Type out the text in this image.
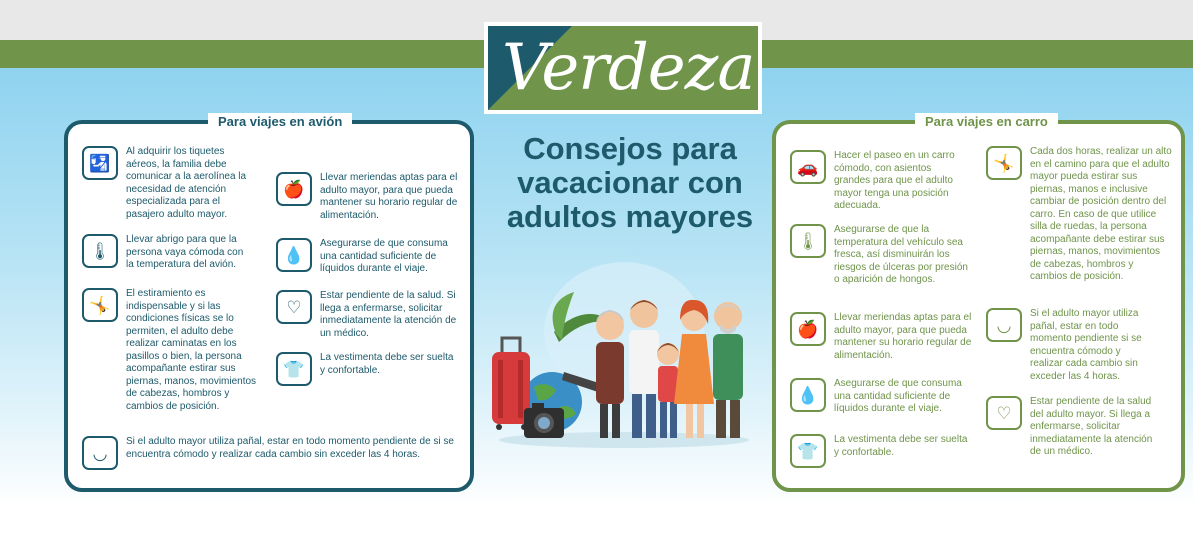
Verdeza
Consejos para vacacionar con adultos mayores
Para viajes en avión
🛂
Al adquirir los tiquetes aéreos, la familia debe comunicar a la aerolínea la necesidad de atención especializada para el pasajero adulto mayor.
🍎
Llevar meriendas aptas para el adulto mayor, para que pueda mantener su horario regular de alimentación.
🌡
Llevar abrigo para que la persona vaya cómoda con la temperatura del avión.	💧
Asegurarse de que consuma una cantidad suficiente de líquidos durante el viaje.
🤸
El estiramiento es indispensable y si las condiciones físicas se lo permiten, el adulto debe realizar caminatas en los pasillos o bien, la persona acompañante estirar sus piernas, manos, movimientos de cabezas, hombros y cambios de posición.
♡
Estar pendiente de la salud. Si llega a enfermarse, solicitar inmediatamente la atención de un médico.
👕
La vestimenta debe ser suelta y confortable.
◡
Si el adulto mayor utiliza pañal, estar en todo momento pendiente de si se encuentra cómodo y realizar cada cambio sin exceder las 4 horas.
Para viajes en carro
🚗
Hacer el paseo en un carro cómodo, con asientos grandes para que el adulto mayor tenga una posición adecuada.
🤸
Cada dos horas, realizar un alto en el camino para que el adulto mayor pueda estirar sus piernas, manos e inclusive cambiar de posición dentro del carro. En caso de que utilice silla de ruedas, la persona acompañante debe estirar sus piernas, manos, movimientos de cabezas, hombros y cambios de posición.
🌡
Asegurarse de que la temperatura del vehículo sea fresca, así disminuirán los riesgos de úlceras por presión o aparición de hongos.
🍎
Llevar meriendas aptas para el adulto mayor, para que pueda mantener su horario regular de alimentación.
◡
Si el adulto mayor utiliza pañal, estar en todo momento pendiente si se encuentra cómodo y realizar cada cambio sin exceder las 4 horas.
💧
Asegurarse de que consuma una cantidad suficiente de líquidos durante el viaje.	♡
Estar pendiente de la salud del adulto mayor. Si llega a enfermarse, solicitar inmediatamente la atención de un médico.
👕
La vestimenta debe ser suelta y confortable.
